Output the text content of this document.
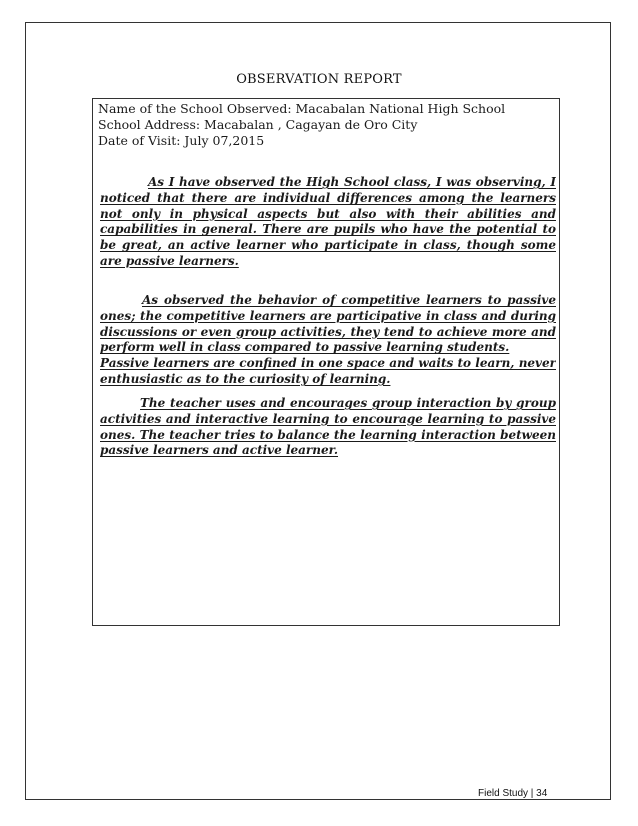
OBSERVATION REPORT
Name of the School Observed: Macabalan National High School
School Address: Macabalan , Cagayan de Oro City
Date of Visit: July 07,2015
As I have observed the High School class, I was observing, I
noticed that there are individual differences among the learners
not only in physical aspects but also with their abilities and
capabilities in general. There are pupils who have the potential to
be great, an active learner who participate in class, though some
are passive learners.
As observed the behavior of competitive learners to passive
ones; the competitive learners are participative in class and during
discussions or even group activities, they tend to achieve more and
perform well in class compared to passive learning students.
Passive learners are confined in one space and waits to learn, never
enthusiastic as to the curiosity of learning.
The teacher uses and encourages group interaction by group
activities and interactive learning to encourage learning to passive
ones. The teacher tries to balance the learning interaction between
passive learners and active learner.
Field Study | 34
